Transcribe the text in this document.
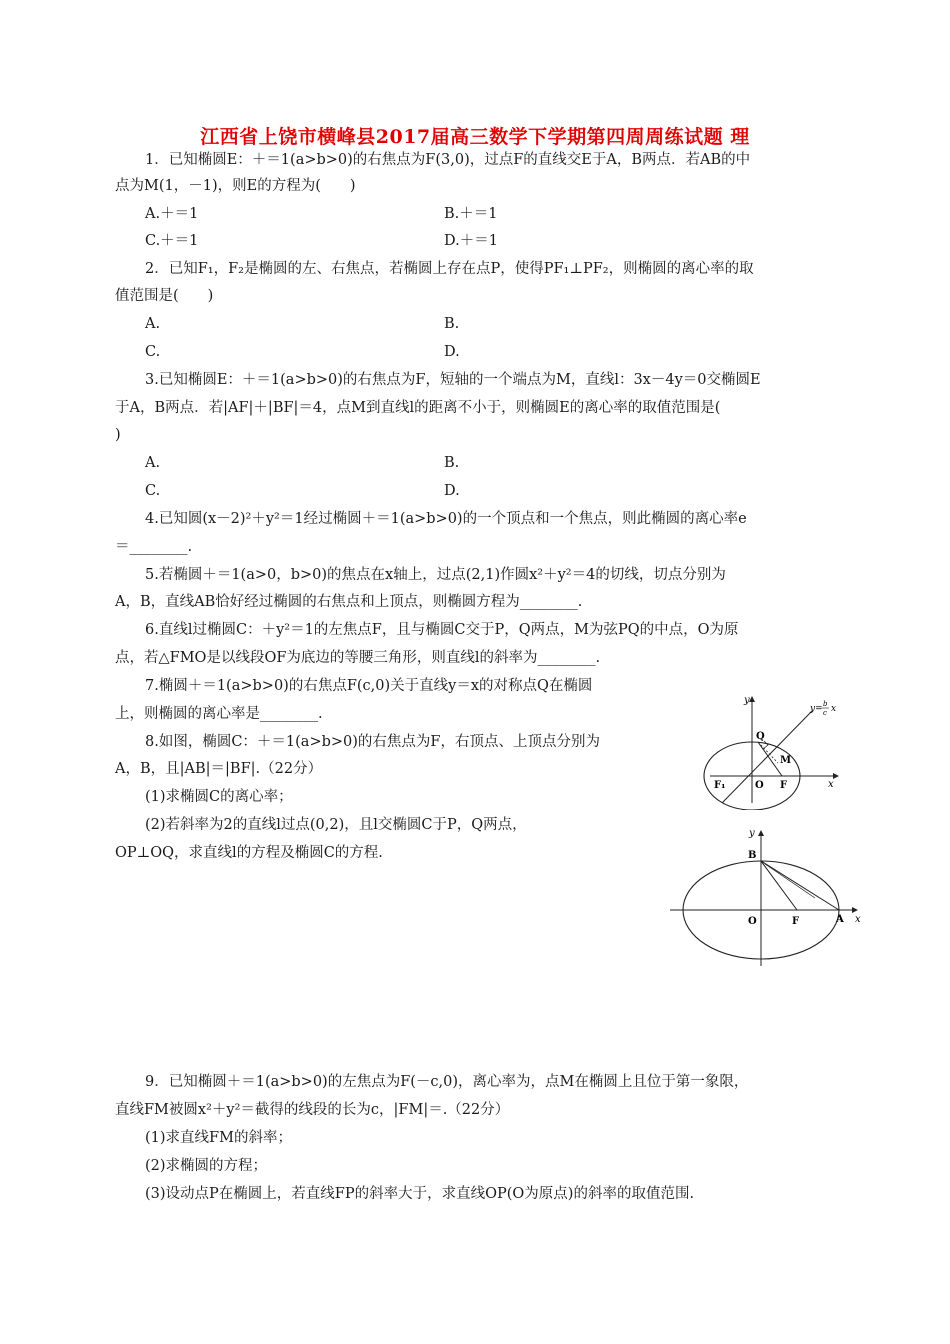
江西省上饶市横峰县2017届高三数学下学期第四周周练试题 理
1．已知椭圆E：＋＝1(a>b>0)的右焦点为F(3,0)，过点F的直线交E于A，B两点．若AB的中
点为M(1，－1)，则E的方程为(　　)
A.＋＝1	B.＋＝1
C.＋＝1	D.＋＝1
2．已知F₁，F₂是椭圆的左、右焦点，若椭圆上存在点P，使得PF₁⊥PF₂，则椭圆的离心率的取
值范围是(　　)
A.	B.
C.	D.
3.已知椭圆E：＋＝1(a>b>0)的右焦点为F，短轴的一个端点为M，直线l：3x－4y＝0交椭圆E
于A，B两点．若|AF|＋|BF|＝4，点M到直线l的距离不小于，则椭圆E的离心率的取值范围是(
)
A.	B.
C.	D.
4.已知圆(x－2)²＋y²＝1经过椭圆＋＝1(a>b>0)的一个顶点和一个焦点，则此椭圆的离心率e
＝________.
5.若椭圆＋＝1(a>0，b>0)的焦点在x轴上，过点(2,1)作圆x²＋y²＝4的切线，切点分别为
A，B，直线AB恰好经过椭圆的右焦点和上顶点，则椭圆方程为________.
6.直线l过椭圆C：＋y²＝1的左焦点F，且与椭圆C交于P，Q两点，M为弦PQ的中点，O为原
点，若△FMO是以线段OF为底边的等腰三角形，则直线l的斜率为________.
7.椭圆＋＝1(a>b>0)的右焦点F(c,0)关于直线y＝x的对称点Q在椭圆
上，则椭圆的离心率是________.
8.如图，椭圆C：＋＝1(a>b>0)的右焦点为F，右顶点、上顶点分别为
A，B，且|AB|＝|BF|.（22分）
(1)求椭圆C的离心率；
(2)若斜率为2的直线l过点(0,2)，且l交椭圆C于P，Q两点，
OP⊥OQ，求直线l的方程及椭圆C的方程.
9．已知椭圆＋＝1(a>b>0)的左焦点为F(－c,0)，离心率为，点M在椭圆上且位于第一象限，
直线FM被圆x²＋y²＝截得的线段的长为c，|FM|＝.（22分）
(1)求直线FM的斜率；
(2)求椭圆的方程；
(3)设动点P在椭圆上，若直线FP的斜率大于，求直线OP(O为原点)的斜率的取值范围.
y
x
Q
M
F₁	O F
y= b
c x
y
x
B
O	F	A
